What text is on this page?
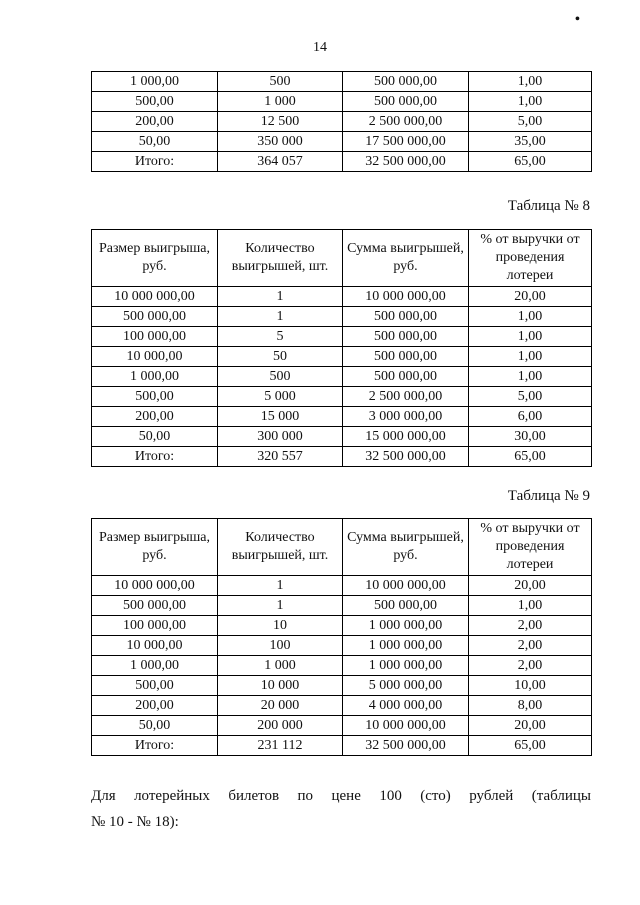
14
•
1 000,00	500	500 000,00	1,00
500,00	1 000	500 000,00	1,00
200,00	12 500	2 500 000,00	5,00
50,00	350 000	17 500 000,00	35,00
Итого:	364 057	32 500 000,00	65,00
Таблица № 8
Размер выигрыша, руб.	Количество выигрышей, шт.	Сумма выигрышей, руб.	% от выручки от проведения лотереи
10 000 000,00	1	10 000 000,00	20,00
500 000,00	1	500 000,00	1,00
100 000,00	5	500 000,00	1,00
10 000,00	50	500 000,00	1,00
1 000,00	500	500 000,00	1,00
500,00	5 000	2 500 000,00	5,00
200,00	15 000	3 000 000,00	6,00
50,00	300 000	15 000 000,00	30,00
Итого:	320 557	32 500 000,00	65,00
Таблица № 9
Размер выигрыша, руб.	Количество выигрышей, шт.	Сумма выигрышей, руб.	% от выручки от проведения лотереи
10 000 000,00	1	10 000 000,00	20,00
500 000,00	1	500 000,00	1,00
100 000,00	10	1 000 000,00	2,00
10 000,00	100	1 000 000,00	2,00
1 000,00	1 000	1 000 000,00	2,00
500,00	10 000	5 000 000,00	10,00
200,00	20 000	4 000 000,00	8,00
50,00	200 000	10 000 000,00	20,00
Итого:	231 112	32 500 000,00	65,00
Для лотерейных билетов по цене 100 (сто) рублей (таблицы
№ 10 - № 18):
